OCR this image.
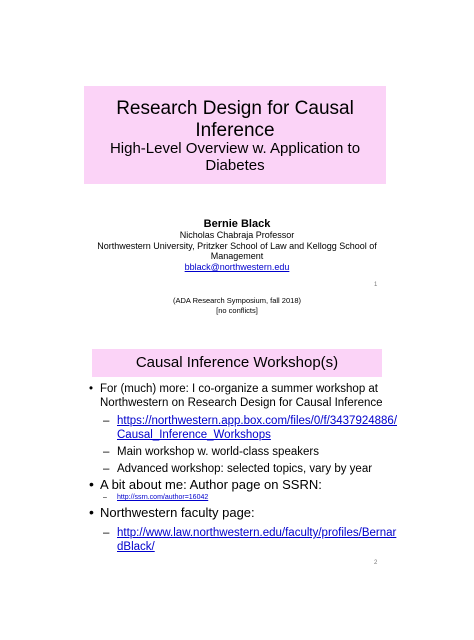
Research Design for Causal Inference
High-Level Overview w. Application to Diabetes
Bernie Black
Nicholas Chabraja Professor
Northwestern University, Pritzker School of Law and Kellogg School of Management
bblack@northwestern.edu
(ADA Research Symposium, fall 2018)
[no conflicts]
1
Causal Inference Workshop(s)
• For (much) more: I co-organize a summer workshop at Northwestern on Research Design for Causal Inference
– https://northwestern.app.box.com/files/0/f/3437924886/Causal_Inference_Workshops
– Main workshop w. world-class speakers
– Advanced workshop: selected topics, vary by year
• A bit about me: Author page on SSRN:
– http://ssrn.com/author=16042
• Northwestern faculty page:
– http://www.law.northwestern.edu/faculty/profiles/BernardBlack/
2
